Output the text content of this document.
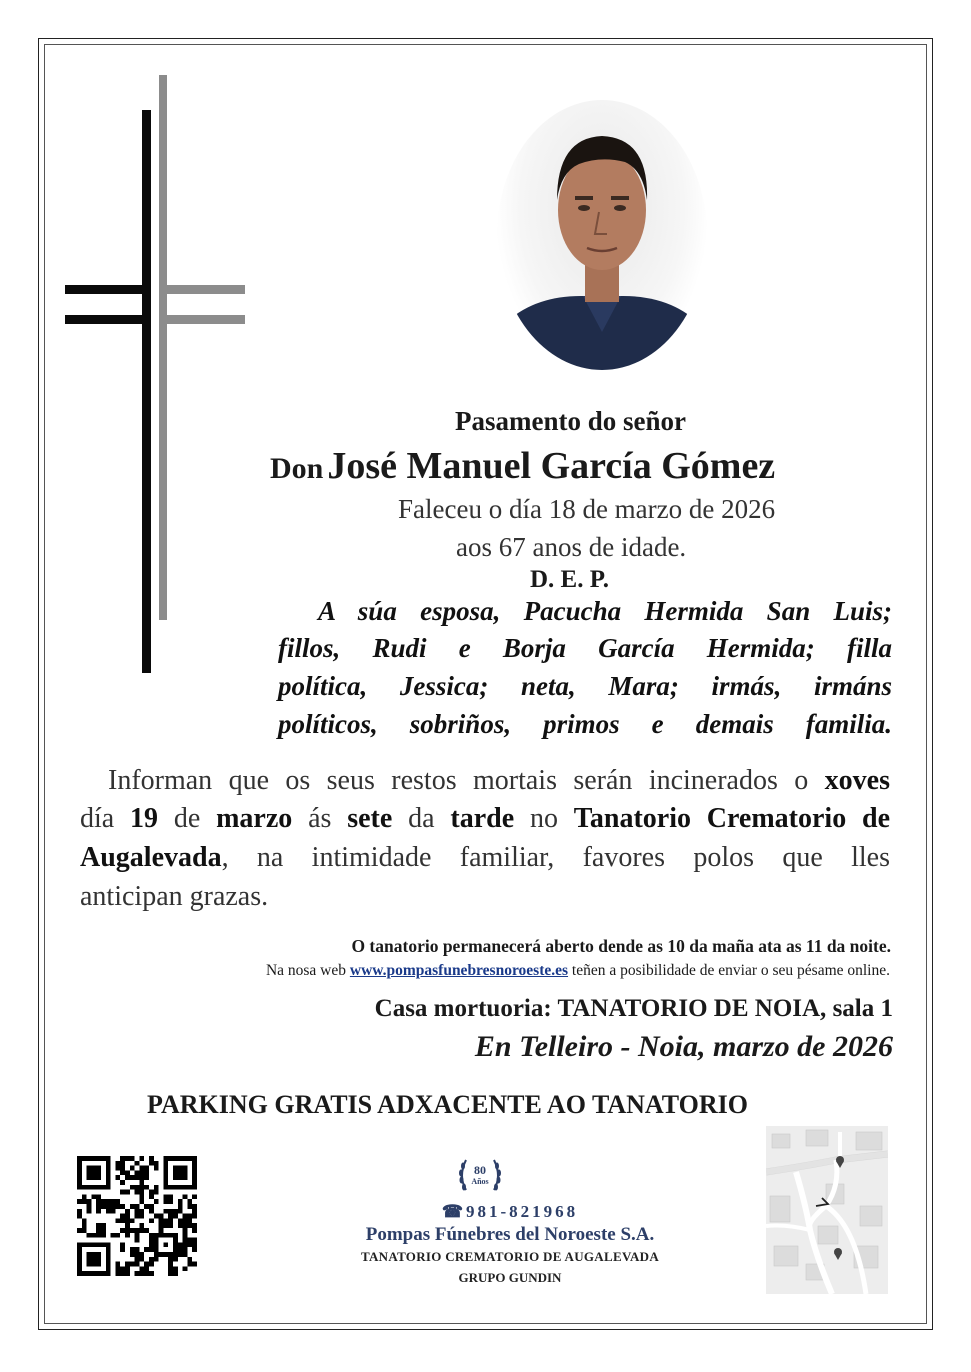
Pasamento do señor
Don José Manuel García Gómez
Faleceu o día 18 de marzo de 2026
aos 67 anos de idade.
D. E. P.
A súa esposa, Pacucha Hermida San Luis;
fillos, Rudi e Borja García Hermida; filla
política, Jessica; neta, Mara; irmás, irmáns
políticos, sobriños, primos e demais familia.
Informan que os seus restos mortais serán incinerados o xoves
día 19 de marzo ás sete da tarde no Tanatorio Crematorio de
Augalevada, na intimidade familiar, favores polos que lles
anticipan grazas.
O tanatorio permanecerá aberto dende as 10 da maña ata as 11 da noite.
Na nosa web www.pompasfunebresnoroeste.es teñen a posibilidade de enviar o seu pésame online.
Casa mortuoria: TANATORIO DE NOIA, sala 1
En Telleiro - Noia, marzo de 2026
PARKING GRATIS ADXACENTE AO TANATORIO
80
Años
☎981-821968
Pompas Fúnebres del Noroeste S.A.
TANATORIO CREMATORIO DE AUGALEVADA
GRUPO GUNDIN
